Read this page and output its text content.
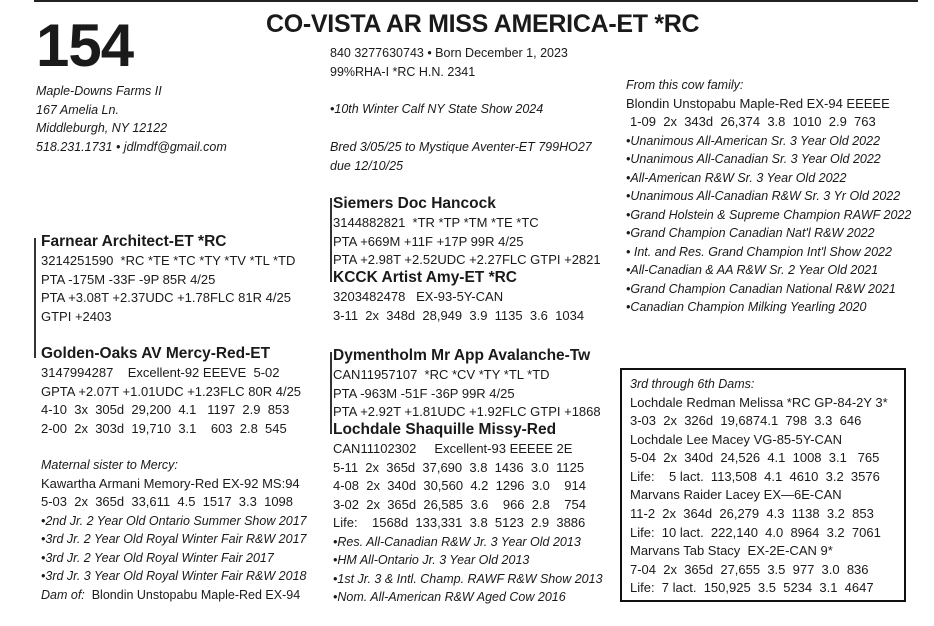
154	CO-VISTA AR MISS AMERICA-ET *RC
Maple-Downs Farms II
167 Amelia Ln.
Middleburgh, NY 12122
518.231.1731 • jdlmdf@gmail.com
840 3277630743 • Born December 1, 2023
99%RHA-I *RC H.N. 2341
•10th Winter Calf NY State Show 2024
Bred 3/05/25 to Mystique Aventer-ET 799HO27
due 12/10/25
Siemers Doc Hancock
3144882821  *TR *TP *TM *TE *TC
PTA +669M +11F +17P 99R 4/25
PTA +2.98T +2.52UDC +2.27FLC GTPI +2821
KCCK Artist Amy-ET *RC
3203482478   EX-93-5Y-CAN
3-11  2x  348d  28,949  3.9  1135  3.6  1034
Farnear Architect-ET *RC
3214251590  *RC *TE *TC *TY *TV *TL *TD
PTA -175M -33F -9P 85R 4/25
PTA +3.08T +2.37UDC +1.78FLC 81R 4/25
GTPI +2403
Golden-Oaks AV Mercy-Red-ET
3147994287    Excellent-92 EEEVE  5-02
GPTA +2.07T +1.01UDC +1.23FLC 80R 4/25
4-10  3x  305d  29,200  4.1   1197  2.9  853
2-00  2x  303d  19,710  3.1    603  2.8  545
Maternal sister to Mercy:
Kawartha Armani Memory-Red EX-92 MS:94
5-03  2x  365d  33,611  4.5  1517  3.3  1098
•2nd Jr. 2 Year Old Ontario Summer Show 2017
•3rd Jr. 2 Year Old Royal Winter Fair R&W 2017
•3rd Jr. 2 Year Old Royal Winter Fair 2017
•3rd Jr. 3 Year Old Royal Winter Fair R&W 2018
Dam of: Blondin Unstopabu Maple-Red EX-94
Dymentholm Mr App Avalanche-Tw
CAN11957107  *RC *CV *TY *TL *TD
PTA -963M -51F -36P 99R 4/25
PTA +2.92T +1.81UDC +1.92FLC GTPI +1868
Lochdale Shaquille Missy-Red
CAN11102302     Excellent-93 EEEEE 2E
5-11  2x  365d  37,690  3.8  1436  3.0  1125
4-08  2x  340d  30,560  4.2  1296  3.0    914
3-02  2x  365d  26,585  3.6    966  2.8    754
Life:    1568d  133,331  3.8  5123  2.9  3886
•Res. All-Canadian R&W Jr. 3 Year Old 2013
•HM All-Ontario Jr. 3 Year Old 2013
•1st Jr. 3 & Intl. Champ. RAWF R&W Show 2013
•Nom. All-American R&W Aged Cow 2016
From this cow family:
Blondin Unstopabu Maple-Red EX-94 EEEEE
1-09  2x  343d  26,374  3.8  1010  2.9  763
•Unanimous All-American Sr. 3 Year Old 2022
•Unanimous All-Canadian Sr. 3 Year Old 2022
•All-American R&W Sr. 3 Year Old 2022
•Unanimous All-Canadian R&W Sr. 3 Yr Old 2022
•Grand Holstein & Supreme Champion RAWF 2022
•Grand Champion Canadian Nat'l R&W 2022
• Int. and Res. Grand Champion Int'l Show 2022
•All-Canadian & AA R&W Sr. 2 Year Old 2021
•Grand Champion Canadian National R&W 2021
•Canadian Champion Milking Yearling 2020
3rd through 6th Dams:
Lochdale Redman Melissa *RC GP-84-2Y 3*
3-03  2x  326d  19,6874.1  798  3.3  646
Lochdale Lee Macey VG-85-5Y-CAN
5-04  2x  340d  24,526  4.1  1008  3.1   765
Life:    5 lact.  113,508  4.1  4610  3.2  3576
Marvans Raider Lacey EX—6E-CAN
11-2  2x  364d  26,279  4.3  1138  3.2  853
Life:  10 lact.  222,140  4.0  8964  3.2  7061
Marvans Tab Stacy  EX-2E-CAN 9*
7-04  2x  365d  27,655  3.5  977  3.0  836
Life:  7 lact.  150,925  3.5  5234  3.1  4647
